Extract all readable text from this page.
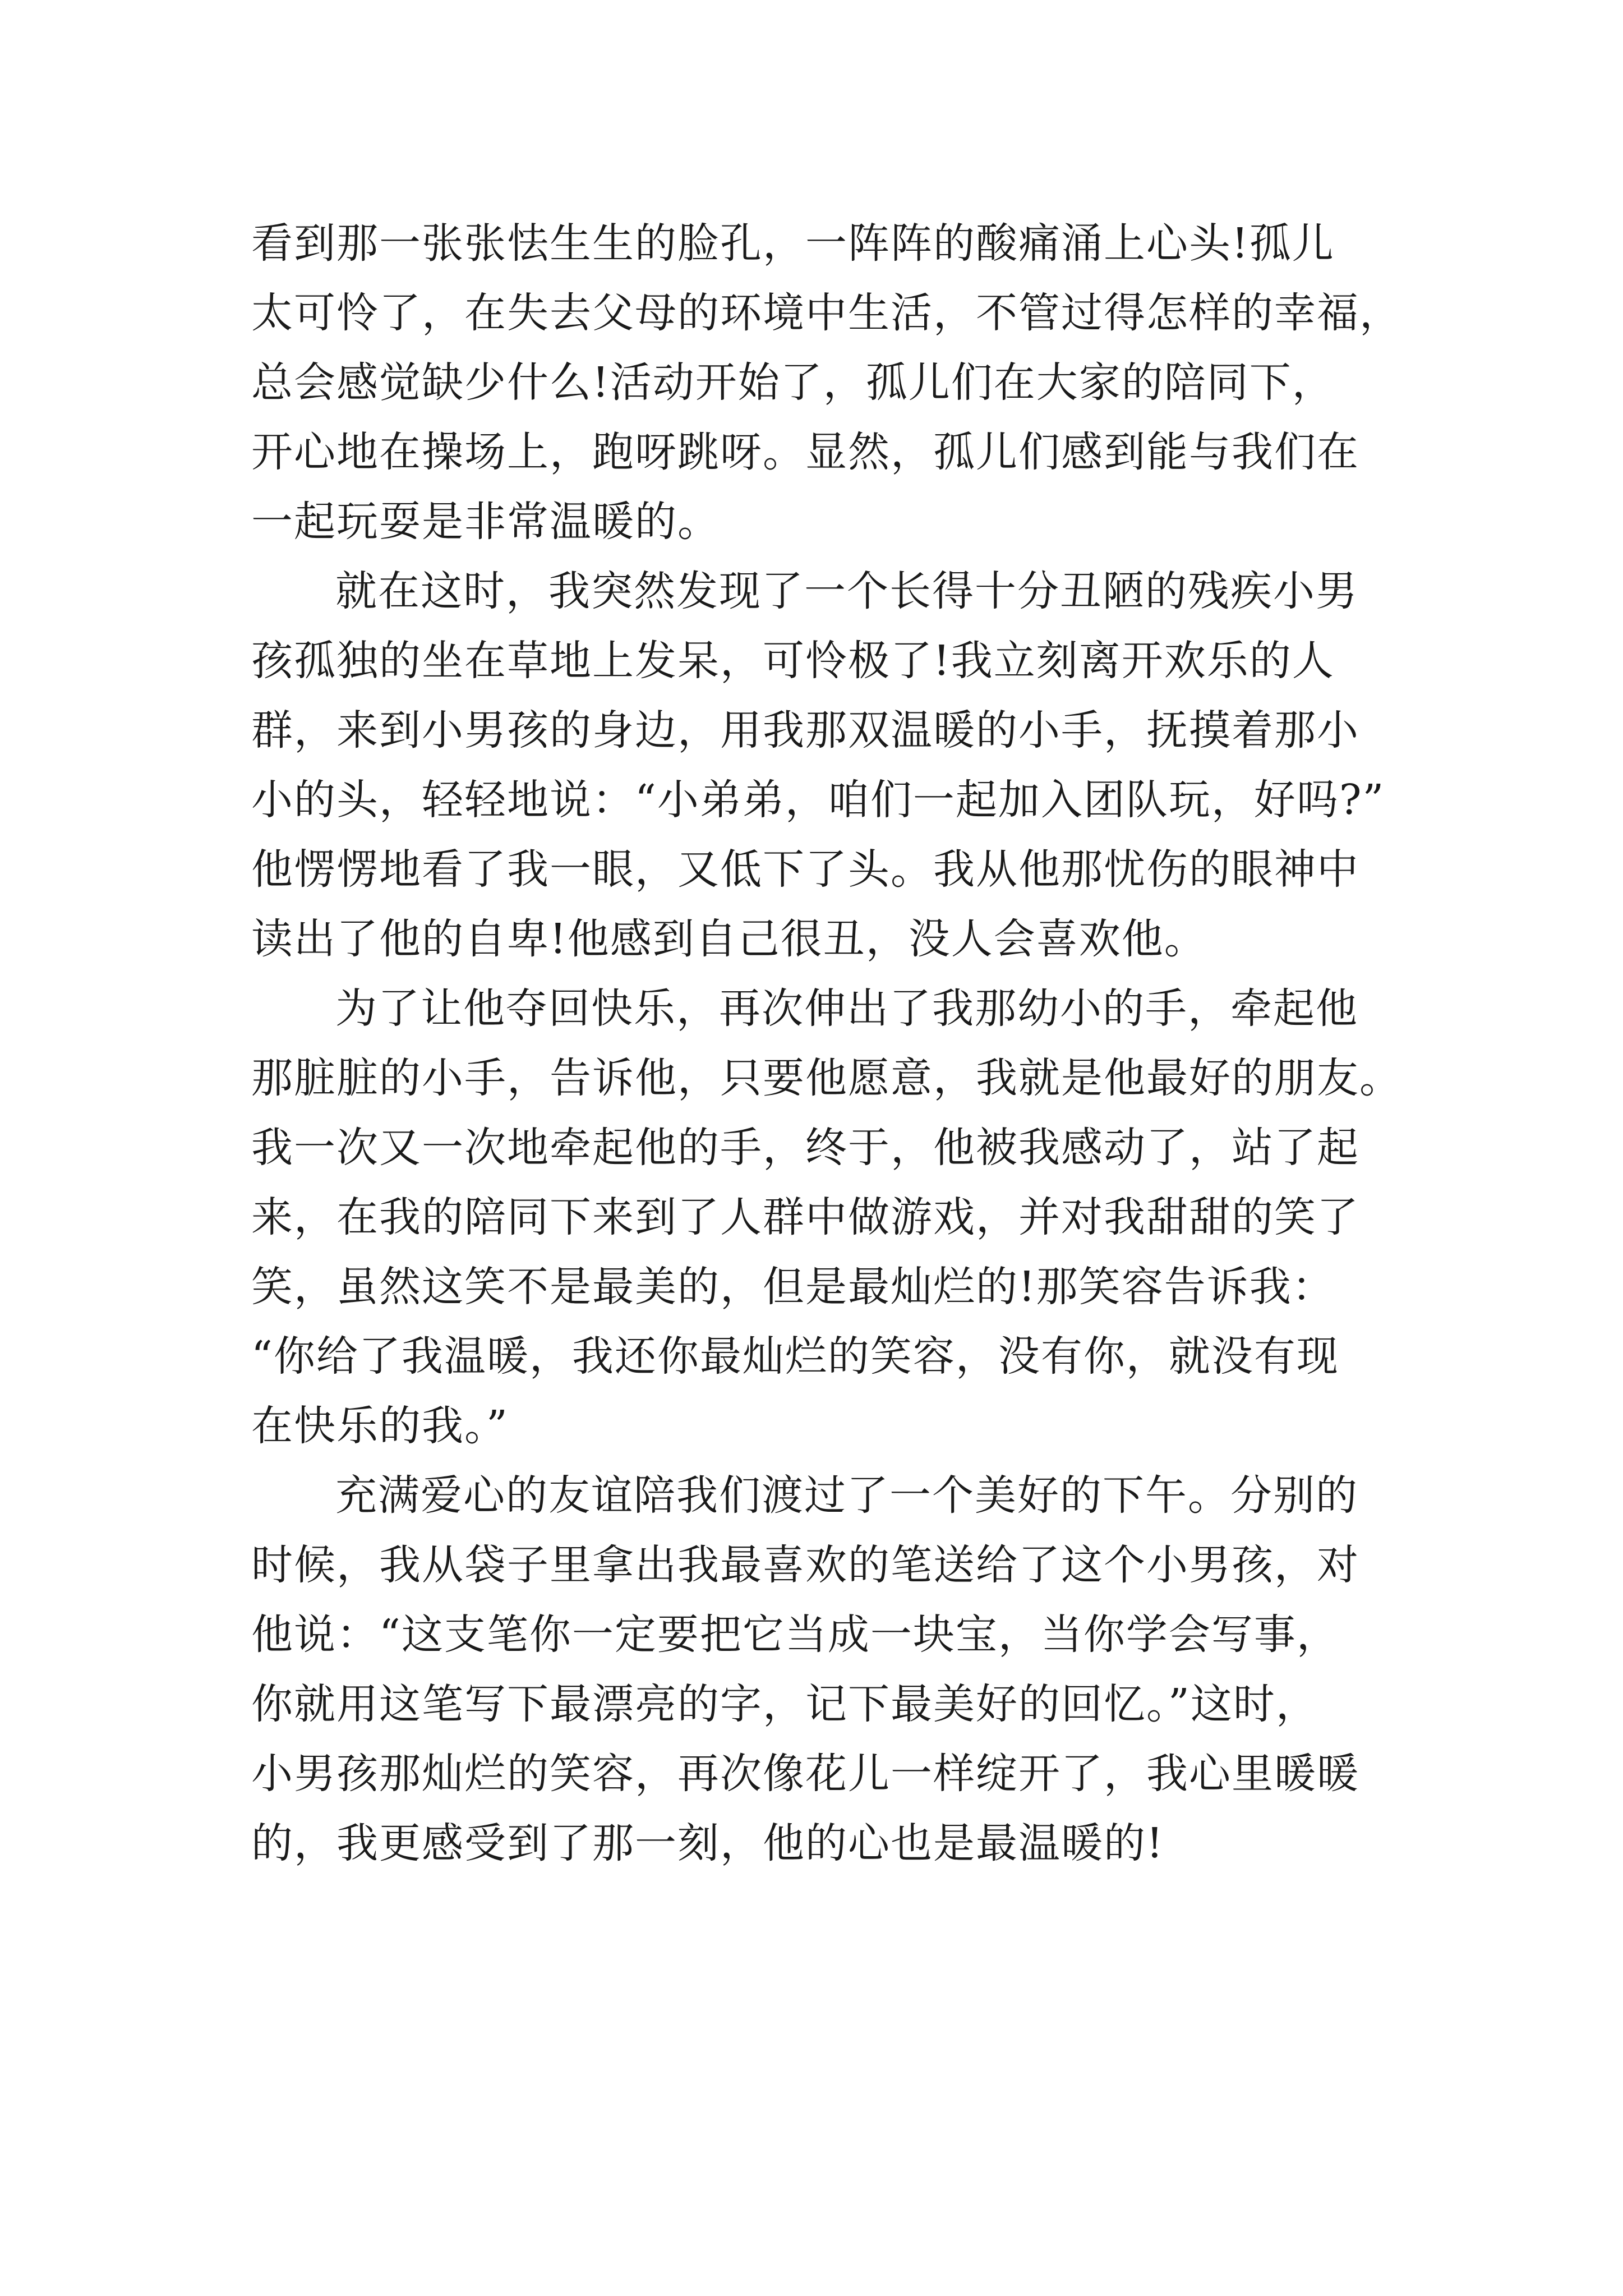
看到那一张张怯生生的脸孔，一阵阵的酸痛涌上心头!孤儿
太可怜了，在失去父母的环境中生活，不管过得怎样的幸福，
总会感觉缺少什么!活动开始了，孤儿们在大家的陪同下，
开心地在操场上，跑呀跳呀。显然，孤儿们感到能与我们在
一起玩耍是非常温暖的。
就在这时，我突然发现了一个长得十分丑陋的残疾小男
孩孤独的坐在草地上发呆，可怜极了!我立刻离开欢乐的人
群，来到小男孩的身边，用我那双温暖的小手，抚摸着那小
小的头，轻轻地说：“小弟弟，咱们一起加入团队玩，好吗?”
他愣愣地看了我一眼，又低下了头。我从他那忧伤的眼神中
读出了他的自卑!他感到自己很丑，没人会喜欢他。
为了让他夺回快乐，再次伸出了我那幼小的手，牵起他
那脏脏的小手，告诉他，只要他愿意，我就是他最好的朋友。
我一次又一次地牵起他的手，终于，他被我感动了，站了起
来，在我的陪同下来到了人群中做游戏，并对我甜甜的笑了
笑，虽然这笑不是最美的，但是最灿烂的!那笑容告诉我：
“你给了我温暖，我还你最灿烂的笑容，没有你，就没有现
在快乐的我。”
充满爱心的友谊陪我们渡过了一个美好的下午。分别的
时候，我从袋子里拿出我最喜欢的笔送给了这个小男孩，对
他说：“这支笔你一定要把它当成一块宝，当你学会写事，
你就用这笔写下最漂亮的字，记下最美好的回忆。”这时，
小男孩那灿烂的笑容，再次像花儿一样绽开了，我心里暖暖
的，我更感受到了那一刻，他的心也是最温暖的!
